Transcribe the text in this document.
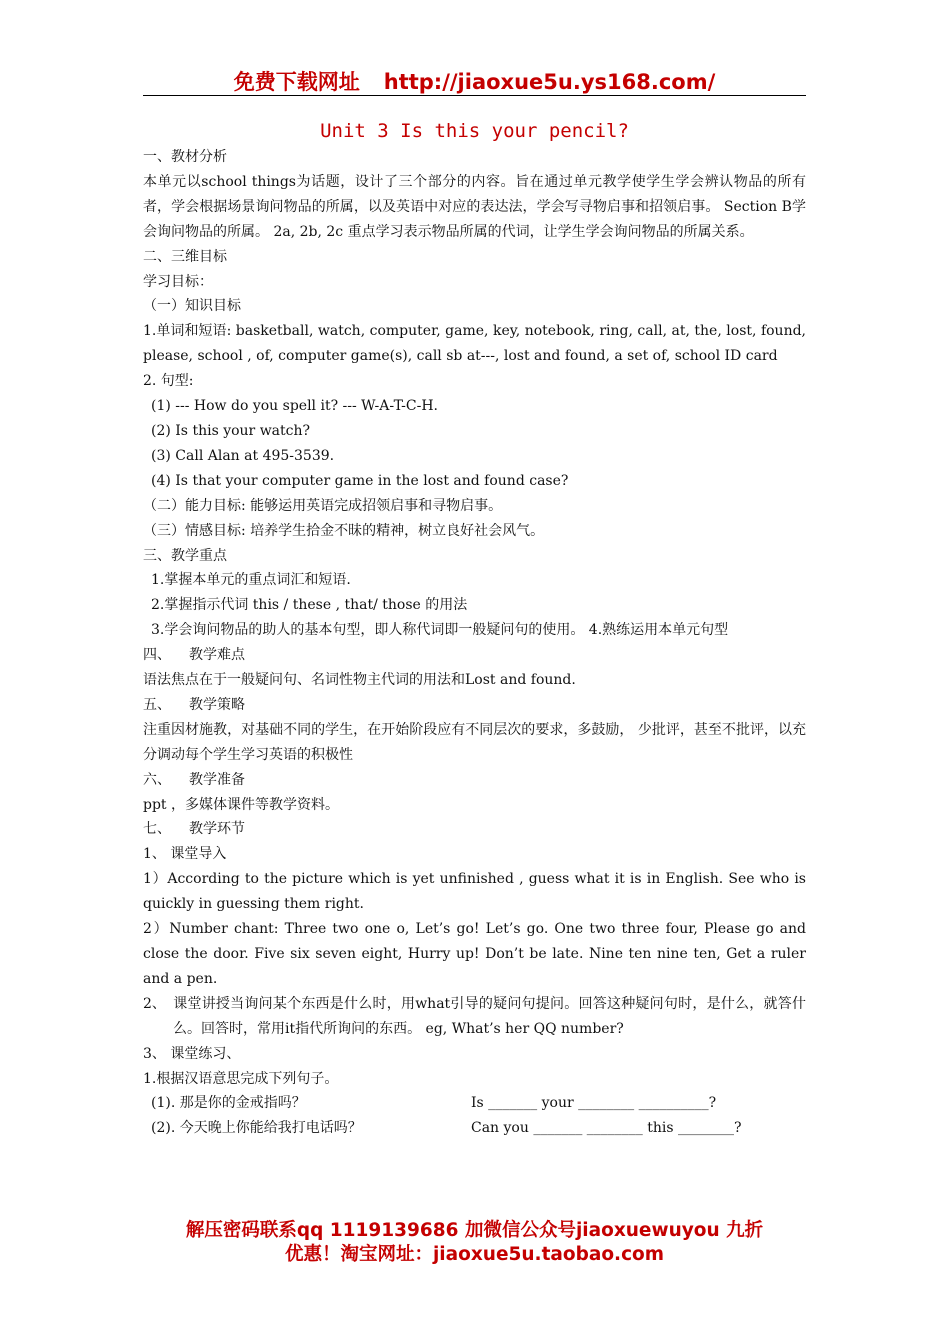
免费下载网址 http://jiaoxue5u.ys168.com/
Unit 3 Is this your pencil?

一、教材分析

本单元以school things为话题，设计了三个部分的内容。旨在通过单元教学使学生学会辨认物品的所有者，学会根据场景询问物品的所属，以及英语中对应的表达法，学会写寻物启事和招领启事。 Section B学会询问物品的所属。 2a, 2b, 2c 重点学习表示物品所属的代词，让学生学会询问物品的所属关系。

二、三维目标

学习目标：

（一）知识目标

1.单词和短语: basketball, watch, computer, game, key, notebook, ring, call, at, the, lost, found, please, school , of, computer game(s), call sb at---, lost and found, a set of, school ID card

2. 句型:

(1) --- How do you spell it? --- W-A-T-C-H.

(2) Is this your watch?

(3) Call Alan at 495-3539.

(4) Is that your computer game in the lost and found case?

（二）能力目标: 能够运用英语完成招领启事和寻物启事。

（三）情感目标: 培养学生拾金不昧的精神，树立良好社会风气。

三、教学重点

1.掌握本单元的重点词汇和短语.

2.掌握指示代词 this / these , that/ those 的用法

3.学会询问物品的助人的基本句型，即人称代词即一般疑问句的使用。 4.熟练运用本单元句型

四、 教学难点

语法焦点在于一般疑问句、名词性物主代词的用法和Lost and found.

五、 教学策略

注重因材施教，对基础不同的学生，在开始阶段应有不同层次的要求，多鼓励， 少批评，甚至不批评，以充分调动每个学生学习英语的积极性

六、 教学准备

ppt ，多媒体课件等教学资料。

七、 教学环节

1、 课堂导入

1）According to the picture which is yet unfinished , guess what it is in English. See who is quickly in guessing them right.

2）Number chant: Three two one o, Let’s go! Let’s go. One two three four, Please go and close the door. Five six seven eight, Hurry up! Don’t be late. Nine ten nine ten, Get a ruler and a pen.

2、 课堂讲授当询问某个东西是什么时，用what引导的疑问句提问。回答这种疑问句时，是什么，就答什么。回答时，常用it指代所询问的东西。 eg, What’s her QQ number?

3、 课堂练习、

1.根据汉语意思完成下列句子。

(1). 那是你的金戒指吗？	Is _______ your ________ __________?
(2). 今天晚上你能给我打电话吗？	Can you _______ ________ this ________?
解压密码联系qq 1119139686 加微信公众号jiaoxuewuyou 九折
优惠！淘宝网址：jiaoxue5u.taobao.com
